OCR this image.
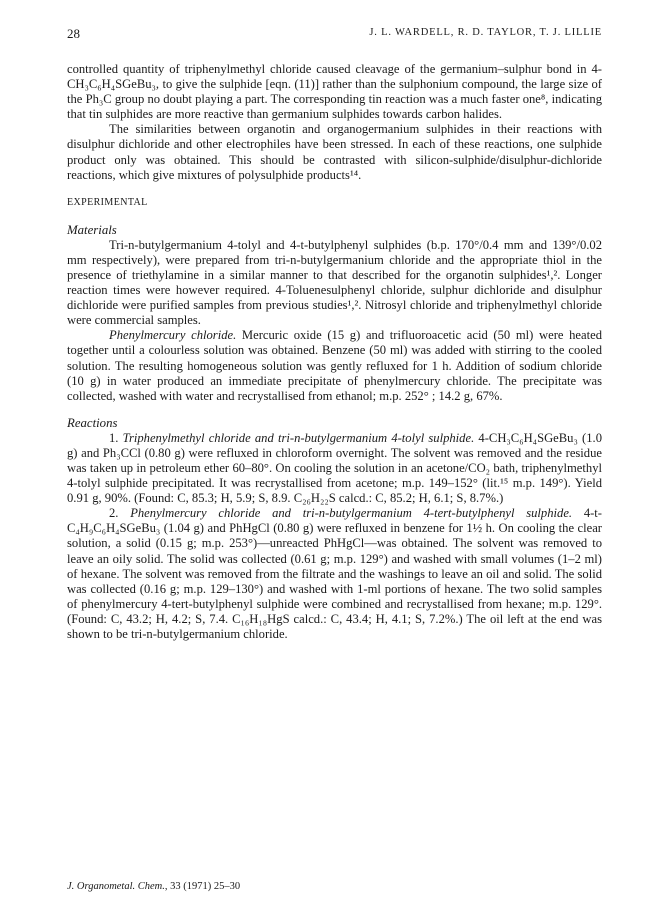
28	J. L. WARDELL, R. D. TAYLOR, T. J. LILLIE

controlled quantity of triphenylmethyl chloride caused cleavage of the germanium–sulphur bond in 4-CH₃C₆H₄SGeBu₃, to give the sulphide [eqn. (11)] rather than the sulphonium compound, the large size of the Ph₃C group no doubt playing a part. The corresponding tin reaction was a much faster one⁸, indicating that tin sulphides are more reactive than germanium sulphides towards carbon halides.

The similarities between organotin and organogermanium sulphides in their reactions with disulphur dichloride and other electrophiles have been stressed. In each of these reactions, one sulphide product only was obtained. This should be contrasted with silicon-sulphide/disulphur-dichloride reactions, which give mixtures of polysulphide products¹⁴.

EXPERIMENTAL
Materials

Tri-n-butylgermanium 4-tolyl and 4-t-butylphenyl sulphides (b.p. 170°/0.4 mm and 139°/0.02 mm respectively), were prepared from tri-n-butylgermanium chloride and the appropriate thiol in the presence of triethylamine in a similar manner to that described for the organotin sulphides¹,². Longer reaction times were however required. 4-Toluenesulphenyl chloride, sulphur dichloride and disulphur dichloride were purified samples from previous studies¹,². Nitrosyl chloride and triphenylmethyl chloride were commercial samples.

Phenylmercury chloride. Mercuric oxide (15 g) and trifluoroacetic acid (50 ml) were heated together until a colourless solution was obtained. Benzene (50 ml) was added with stirring to the cooled solution. The resulting homogeneous solution was gently refluxed for 1 h. Addition of sodium chloride (10 g) in water produced an immediate precipitate of phenylmercury chloride. The precipitate was collected, washed with water and recrystallised from ethanol; m.p. 252° ; 14.2 g, 67%.

Reactions

1. Triphenylmethyl chloride and tri-n-butylgermanium 4-tolyl sulphide. 4-CH₃C₆H₄SGeBu₃ (1.0 g) and Ph₃CCl (0.80 g) were refluxed in chloroform overnight. The solvent was removed and the residue was taken up in petroleum ether 60–80°. On cooling the solution in an acetone/CO₂ bath, triphenylmethyl 4-tolyl sulphide precipitated. It was recrystallised from acetone; m.p. 149–152° (lit.¹⁵ m.p. 149°). Yield 0.91 g, 90%. (Found: C, 85.3; H, 5.9; S, 8.9. C₂₆H₂₂S calcd.: C, 85.2; H, 6.1; S, 8.7%.)

2. Phenylmercury chloride and tri-n-butylgermanium 4-tert-butylphenyl sulphide. 4-t-C₄H₉C₆H₄SGeBu₃ (1.04 g) and PhHgCl (0.80 g) were refluxed in benzene for 1½ h. On cooling the clear solution, a solid (0.15 g; m.p. 253°)—unreacted PhHgCl—was obtained. The solvent was removed to leave an oily solid. The solid was collected (0.61 g; m.p. 129°) and washed with small volumes (1–2 ml) of hexane. The solvent was removed from the filtrate and the washings to leave an oil and solid. The solid was collected (0.16 g; m.p. 129–130°) and washed with 1-ml portions of hexane. The two solid samples of phenylmercury 4-tert-butylphenyl sulphide were combined and recrystallised from hexane; m.p. 129°. (Found: C, 43.2; H, 4.2; S, 7.4. C₁₆H₁₈HgS calcd.: C, 43.4; H, 4.1; S, 7.2%.) The oil left at the end was shown to be tri-n-butylgermanium chloride.

J. Organometal. Chem., 33 (1971) 25–30
